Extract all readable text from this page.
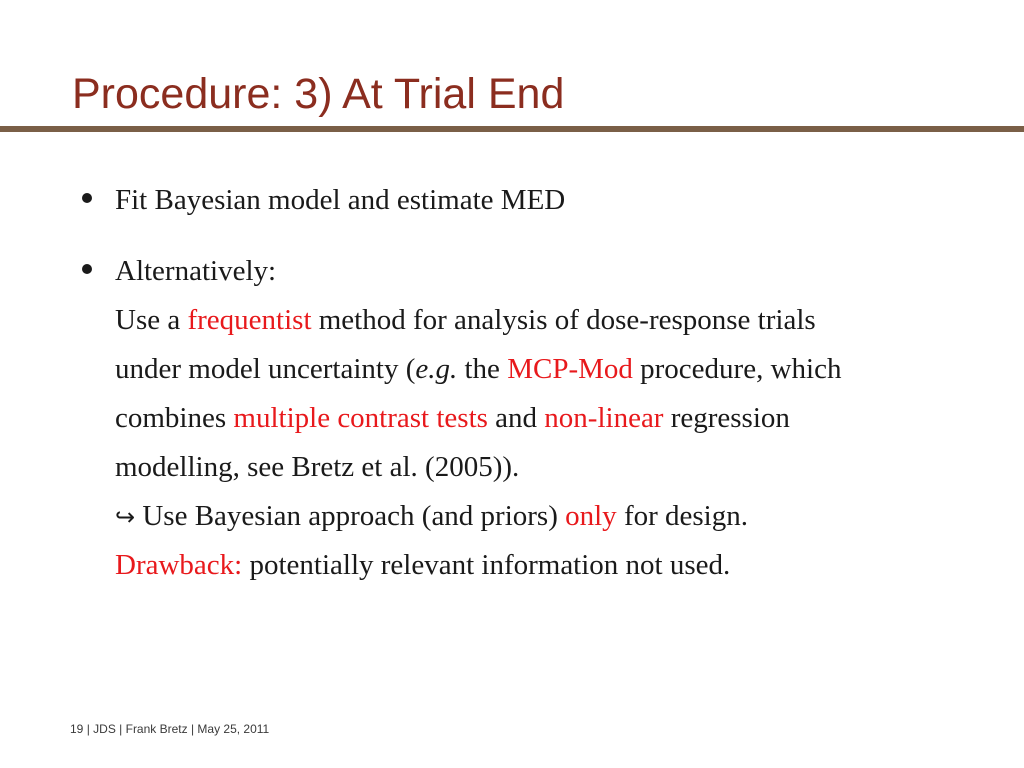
Procedure: 3) At Trial End
Fit Bayesian model and estimate MED
Alternatively:
Use a frequentist method for analysis of dose-response trials
under model uncertainty (e.g. the MCP-Mod procedure, which
combines multiple contrast tests and non-linear regression
modelling, see Bretz et al. (2005)).
↪ Use Bayesian approach (and priors) only for design.
Drawback: potentially relevant information not used.
19 | JDS | Frank Bretz | May 25, 2011
